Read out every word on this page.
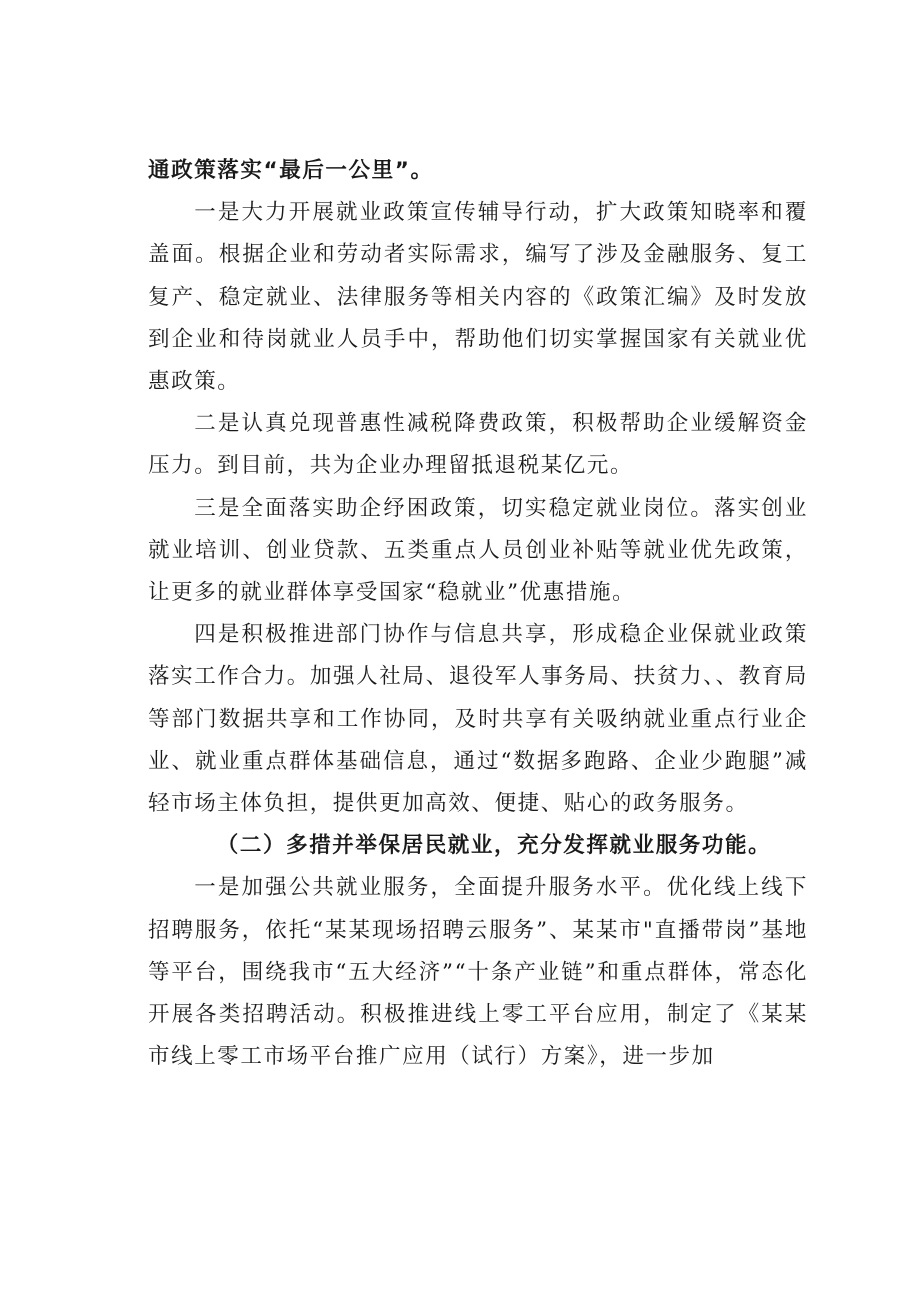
通政策落实“最后一公里”。

一是大力开展就业政策宣传辅导行动，扩大政策知晓率和覆盖面。根据企业和劳动者实际需求，编写了涉及金融服务、复工复产、稳定就业、法律服务等相关内容的《政策汇编》及时发放到企业和待岗就业人员手中，帮助他们切实掌握国家有关就业优惠政策。

二是认真兑现普惠性减税降费政策，积极帮助企业缓解资金压力。到目前，共为企业办理留抵退税某亿元。

三是全面落实助企纾困政策，切实稳定就业岗位。落实创业就业培训、创业贷款、五类重点人员创业补贴等就业优先政策，让更多的就业群体享受国家“稳就业”优惠措施。

四是积极推进部门协作与信息共享，形成稳企业保就业政策落实工作合力。加强人社局、退役军人事务局、扶贫力、、教育局等部门数据共享和工作协同，及时共享有关吸纳就业重点行业企业、就业重点群体基础信息，通过“数据多跑路、企业少跑腿”减轻市场主体负担，提供更加高效、便捷、贴心的政务服务。

（二）多措并举保居民就业，充分发挥就业服务功能。

一是加强公共就业服务，全面提升服务水平。优化线上线下招聘服务，依托“某某现场招聘云服务”、某某市"直播带岗”基地等平台，围绕我市“五大经济”“十条产业链”和重点群体，常态化开展各类招聘活动。积极推进线上零工平台应用，制定了《某某市线上零工市场平台推广应用（试行）方案》，进一步加
